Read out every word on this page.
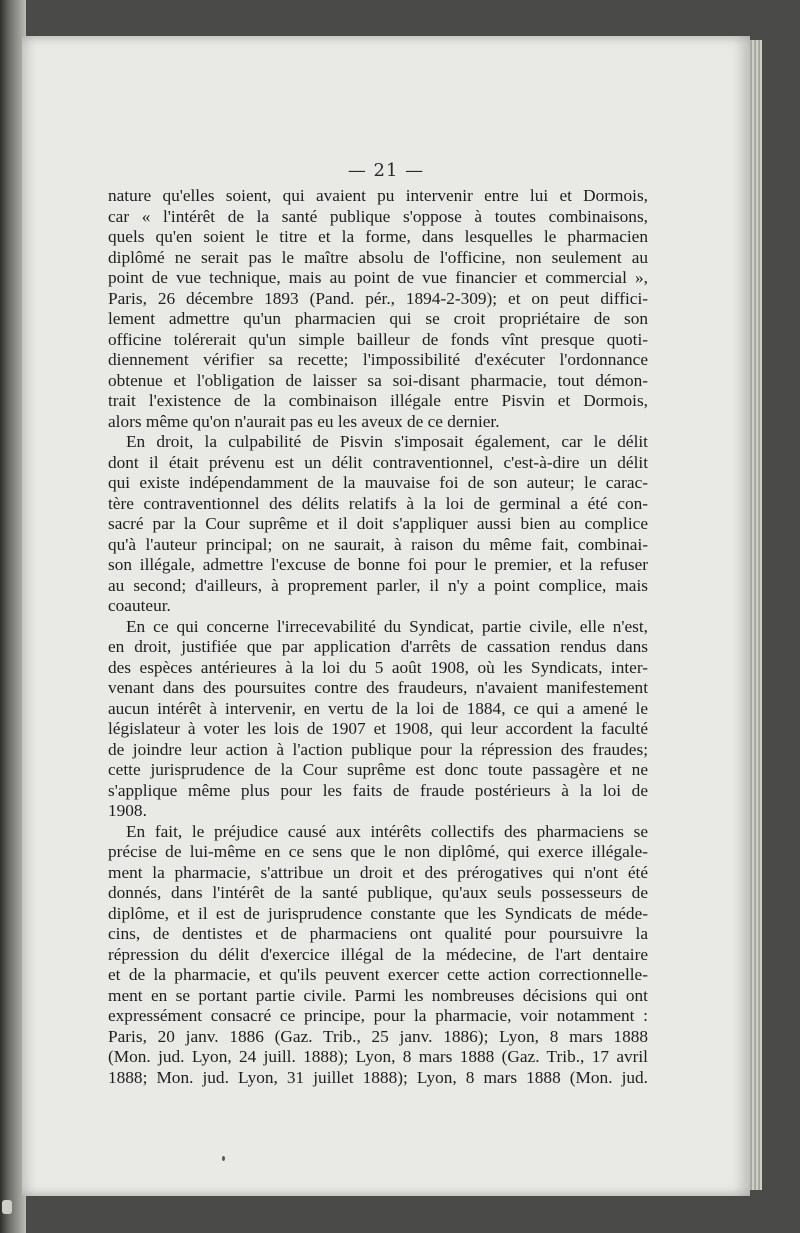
— 21 —
nature qu'elles soient, qui avaient pu intervenir entre lui et Dormois,
car « l'intérêt de la santé publique s'oppose à toutes combinaisons,
quels qu'en soient le titre et la forme, dans lesquelles le pharmacien
diplômé ne serait pas le maître absolu de l'officine, non seulement au
point de vue technique, mais au point de vue financier et commercial »,
Paris, 26 décembre 1893 (Pand. pér., 1894-2-309); et on peut diffici-
lement admettre qu'un pharmacien qui se croit propriétaire de son
officine tolérerait qu'un simple bailleur de fonds vînt presque quoti-
diennement vérifier sa recette; l'impossibilité d'exécuter l'ordonnance
obtenue et l'obligation de laisser sa soi-disant pharmacie, tout démon-
trait l'existence de la combinaison illégale entre Pisvin et Dormois,
alors même qu'on n'aurait pas eu les aveux de ce dernier.
En droit, la culpabilité de Pisvin s'imposait également, car le délit
dont il était prévenu est un délit contraventionnel, c'est-à-dire un délit
qui existe indépendamment de la mauvaise foi de son auteur; le carac-
tère contraventionnel des délits relatifs à la loi de germinal a été con-
sacré par la Cour suprême et il doit s'appliquer aussi bien au complice
qu'à l'auteur principal; on ne saurait, à raison du même fait, combinai-
son illégale, admettre l'excuse de bonne foi pour le premier, et la refuser
au second; d'ailleurs, à proprement parler, il n'y a point complice, mais
coauteur.
En ce qui concerne l'irrecevabilité du Syndicat, partie civile, elle n'est,
en droit, justifiée que par application d'arrêts de cassation rendus dans
des espèces antérieures à la loi du 5 août 1908, où les Syndicats, inter-
venant dans des poursuites contre des fraudeurs, n'avaient manifestement
aucun intérêt à intervenir, en vertu de la loi de 1884, ce qui a amené le
législateur à voter les lois de 1907 et 1908, qui leur accordent la faculté
de joindre leur action à l'action publique pour la répression des fraudes;
cette jurisprudence de la Cour suprême est donc toute passagère et ne
s'applique même plus pour les faits de fraude postérieurs à la loi de
1908.
En fait, le préjudice causé aux intérêts collectifs des pharmaciens se
précise de lui-même en ce sens que le non diplômé, qui exerce illégale-
ment la pharmacie, s'attribue un droit et des prérogatives qui n'ont été
donnés, dans l'intérêt de la santé publique, qu'aux seuls possesseurs de
diplôme, et il est de jurisprudence constante que les Syndicats de méde-
cins, de dentistes et de pharmaciens ont qualité pour poursuivre la
répression du délit d'exercice illégal de la médecine, de l'art dentaire
et de la pharmacie, et qu'ils peuvent exercer cette action correctionnelle-
ment en se portant partie civile. Parmi les nombreuses décisions qui ont
expressément consacré ce principe, pour la pharmacie, voir notamment :
Paris, 20 janv. 1886 (Gaz. Trib., 25 janv. 1886); Lyon, 8 mars 1888
(Mon. jud. Lyon, 24 juill. 1888); Lyon, 8 mars 1888 (Gaz. Trib., 17 avril
1888; Mon. jud. Lyon, 31 juillet 1888); Lyon, 8 mars 1888 (Mon. jud.
